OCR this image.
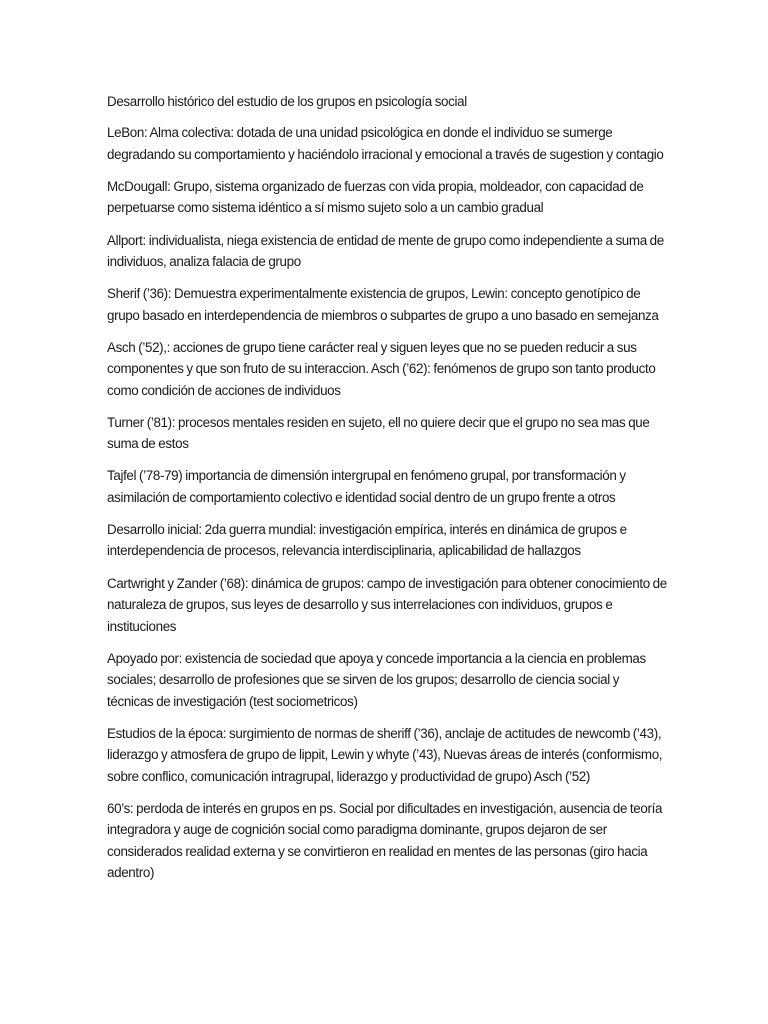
Desarrollo histórico del estudio de los grupos en psicología social

LeBon: Alma colectiva: dotada de una unidad psicológica en donde el individuo se sumerge degradando su comportamiento y haciéndolo irracional y emocional a través de sugestion y contagio

McDougall: Grupo, sistema organizado de fuerzas con vida propia, moldeador, con capacidad de perpetuarse como sistema idéntico a sí mismo sujeto solo a un cambio gradual

Allport: individualista, niega existencia de entidad de mente de grupo como independiente a suma de individuos, analiza falacia de grupo

Sherif (’36): Demuestra experimentalmente existencia de grupos, Lewin: concepto genotípico de grupo basado en interdependencia de miembros o subpartes de grupo a uno basado en semejanza

Asch (’52),: acciones de grupo tiene carácter real y siguen leyes que no se pueden reducir a sus componentes y que son fruto de su interaccion. Asch (’62): fenómenos de grupo son tanto producto como condición de acciones de individuos

Turner (’81): procesos mentales residen en sujeto, ell no quiere decir que el grupo no sea mas que suma de estos

Tajfel (’78-79) importancia de dimensión intergrupal en fenómeno grupal, por transformación y asimilación de comportamiento colectivo e identidad social dentro de un grupo frente a otros

Desarrollo inicial: 2da guerra mundial: investigación empírica, interés en dinámica de grupos e interdependencia de procesos, relevancia interdisciplinaria, aplicabilidad de hallazgos

Cartwright y Zander (’68): dinámica de grupos: campo de investigación para obtener conocimiento de naturaleza de grupos, sus leyes de desarrollo y sus interrelaciones con individuos, grupos e instituciones

Apoyado por: existencia de sociedad que apoya y concede importancia a la ciencia en problemas sociales; desarrollo de profesiones que se sirven de los grupos; desarrollo de ciencia social y técnicas de investigación (test sociometricos)

Estudios de la época: surgimiento de normas de sheriff (’36), anclaje de actitudes de newcomb (’43), liderazgo y atmosfera de grupo de lippit, Lewin y whyte (’43), Nuevas áreas de interés (conformismo, sobre conflico, comunicación intragrupal, liderazgo y productividad de grupo) Asch (’52)

60’s: perdoda de interés en grupos en ps. Social por dificultades en investigación, ausencia de teoría integradora y auge de cognición social como paradigma dominante, grupos dejaron de ser considerados realidad externa y se convirtieron en realidad en mentes de las personas (giro hacia adentro)
